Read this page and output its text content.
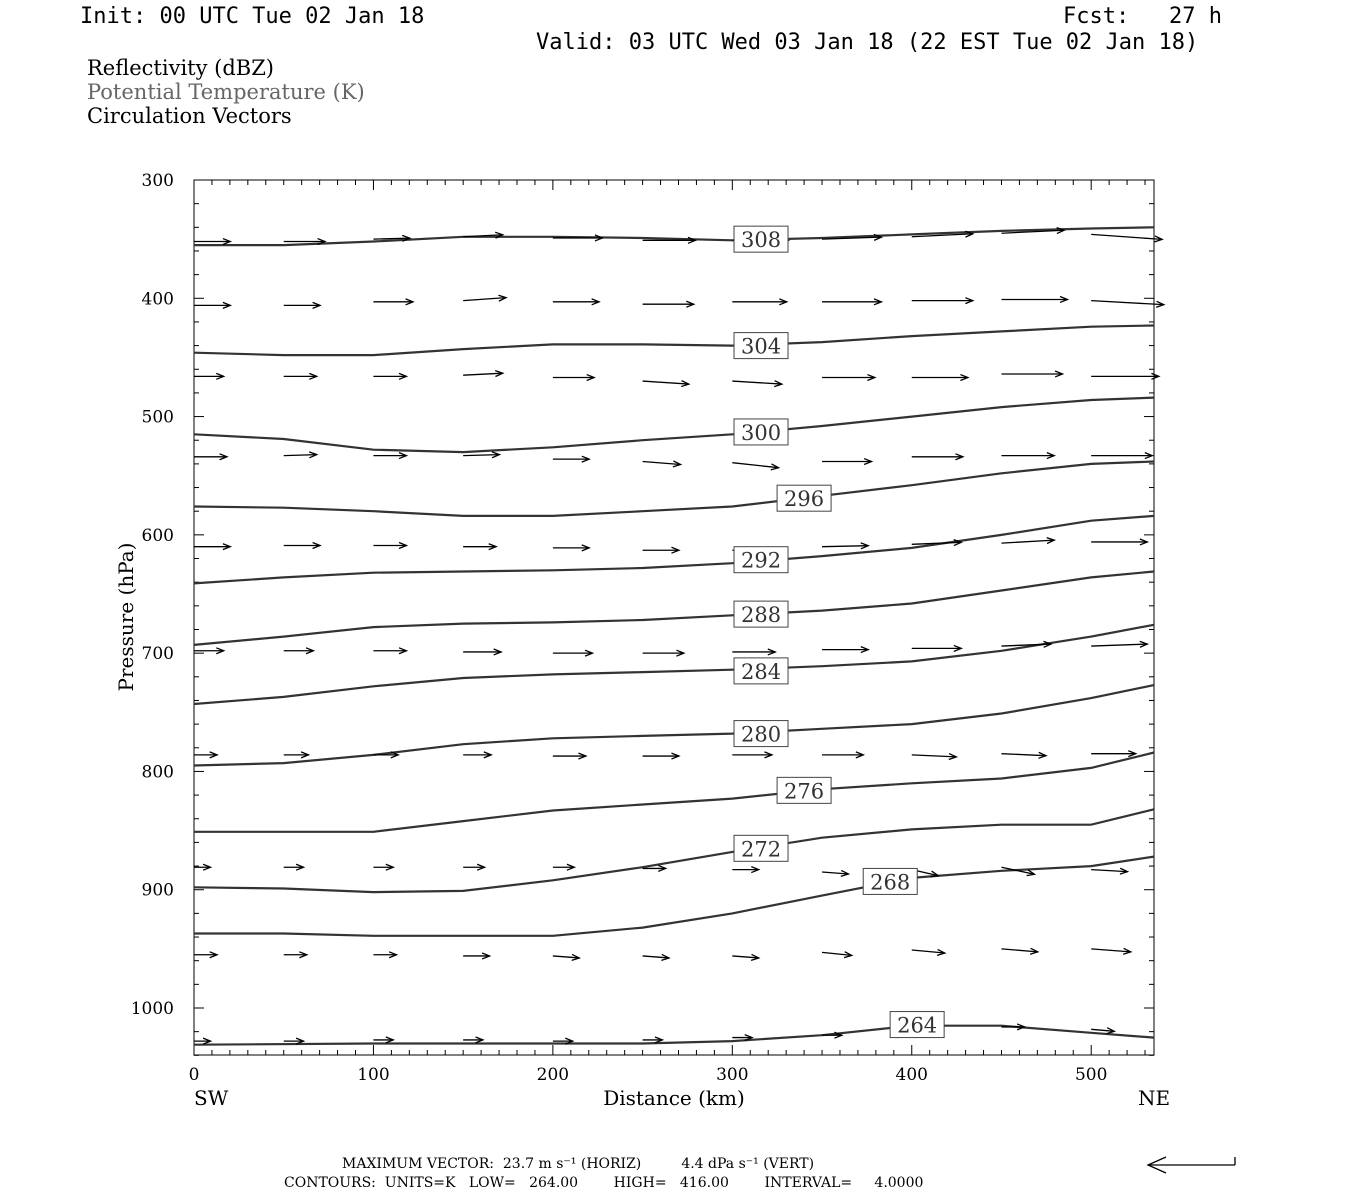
Init: 00 UTC Tue 02 Jan 18	Fcst:   27 h
Valid: 03 UTC Wed 03 Jan 18 (22 EST Tue 02 Jan 18)
Reflectivity (dBZ)
Potential Temperature (K)
Circulation Vectors
0	100	200	300	400	500
300
400
500
600
700
800
900
1000
Distance (km)
SW	NE
Pressure (hPa)
308
304
300
296
292
288
284
280
276
272
268
264
MAXIMUM VECTOR:  23.7 m s⁻¹ (HORIZ)         4.4 dPa s⁻¹ (VERT)
CONTOURS:  UNITS=K   LOW=   264.00        HIGH=   416.00        INTERVAL=     4.0000
